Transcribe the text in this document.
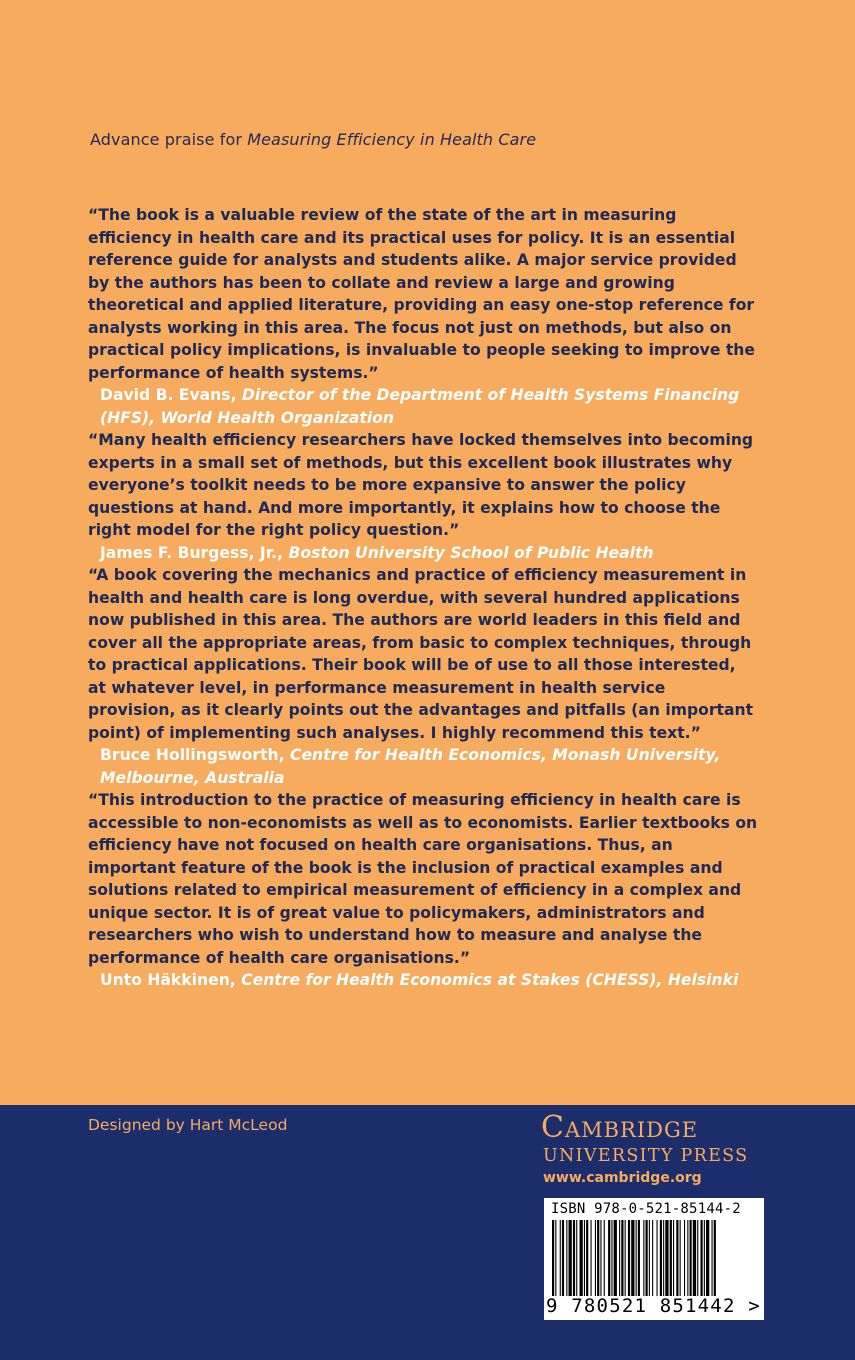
Advance praise for Measuring Efficiency in Health Care

“The book is a valuable review of the state of the art in measuring efficiency in health care and its practical uses for policy. It is an essential reference guide for analysts and students alike. A major service provided by the authors has been to collate and review a large and growing theoretical and applied literature, providing an easy one-stop reference for analysts working in this area. The focus not just on methods, but also on practical policy implications, is invaluable to people seeking to improve the performance of health systems.”

David B. Evans, Director of the Department of Health Systems Financing (HFS), World Health Organization

“Many health efficiency researchers have locked themselves into becoming experts in a small set of methods, but this excellent book illustrates why everyone’s toolkit needs to be more expansive to answer the policy questions at hand. And more importantly, it explains how to choose the right model for the right policy question.”

James F. Burgess, Jr., Boston University School of Public Health

“A book covering the mechanics and practice of efficiency measurement in health and health care is long overdue, with several hundred applications now published in this area. The authors are world leaders in this field and cover all the appropriate areas, from basic to complex techniques, through to practical applications. Their book will be of use to all those interested, at whatever level, in performance measurement in health service provision, as it clearly points out the advantages and pitfalls (an important point) of implementing such analyses. I highly recommend this text.”

Bruce Hollingsworth, Centre for Health Economics, Monash University, Melbourne, Australia

“This introduction to the practice of measuring efficiency in health care is accessible to non-economists as well as to economists. Earlier textbooks on efficiency have not focused on health care organisations. Thus, an important feature of the book is the inclusion of practical examples and solutions related to empirical measurement of efficiency in a complex and unique sector. It is of great value to policymakers, administrators and researchers who wish to understand how to measure and analyse the performance of health care organisations.”

Unto Häkkinen, Centre for Health Economics at Stakes (CHESS), Helsinki

Designed by Hart McLeod	Cambridge
UNIVERSITY PRESS
www.cambridge.org
ISBN 978-0-521-85144-2
9 780521 851442 >
